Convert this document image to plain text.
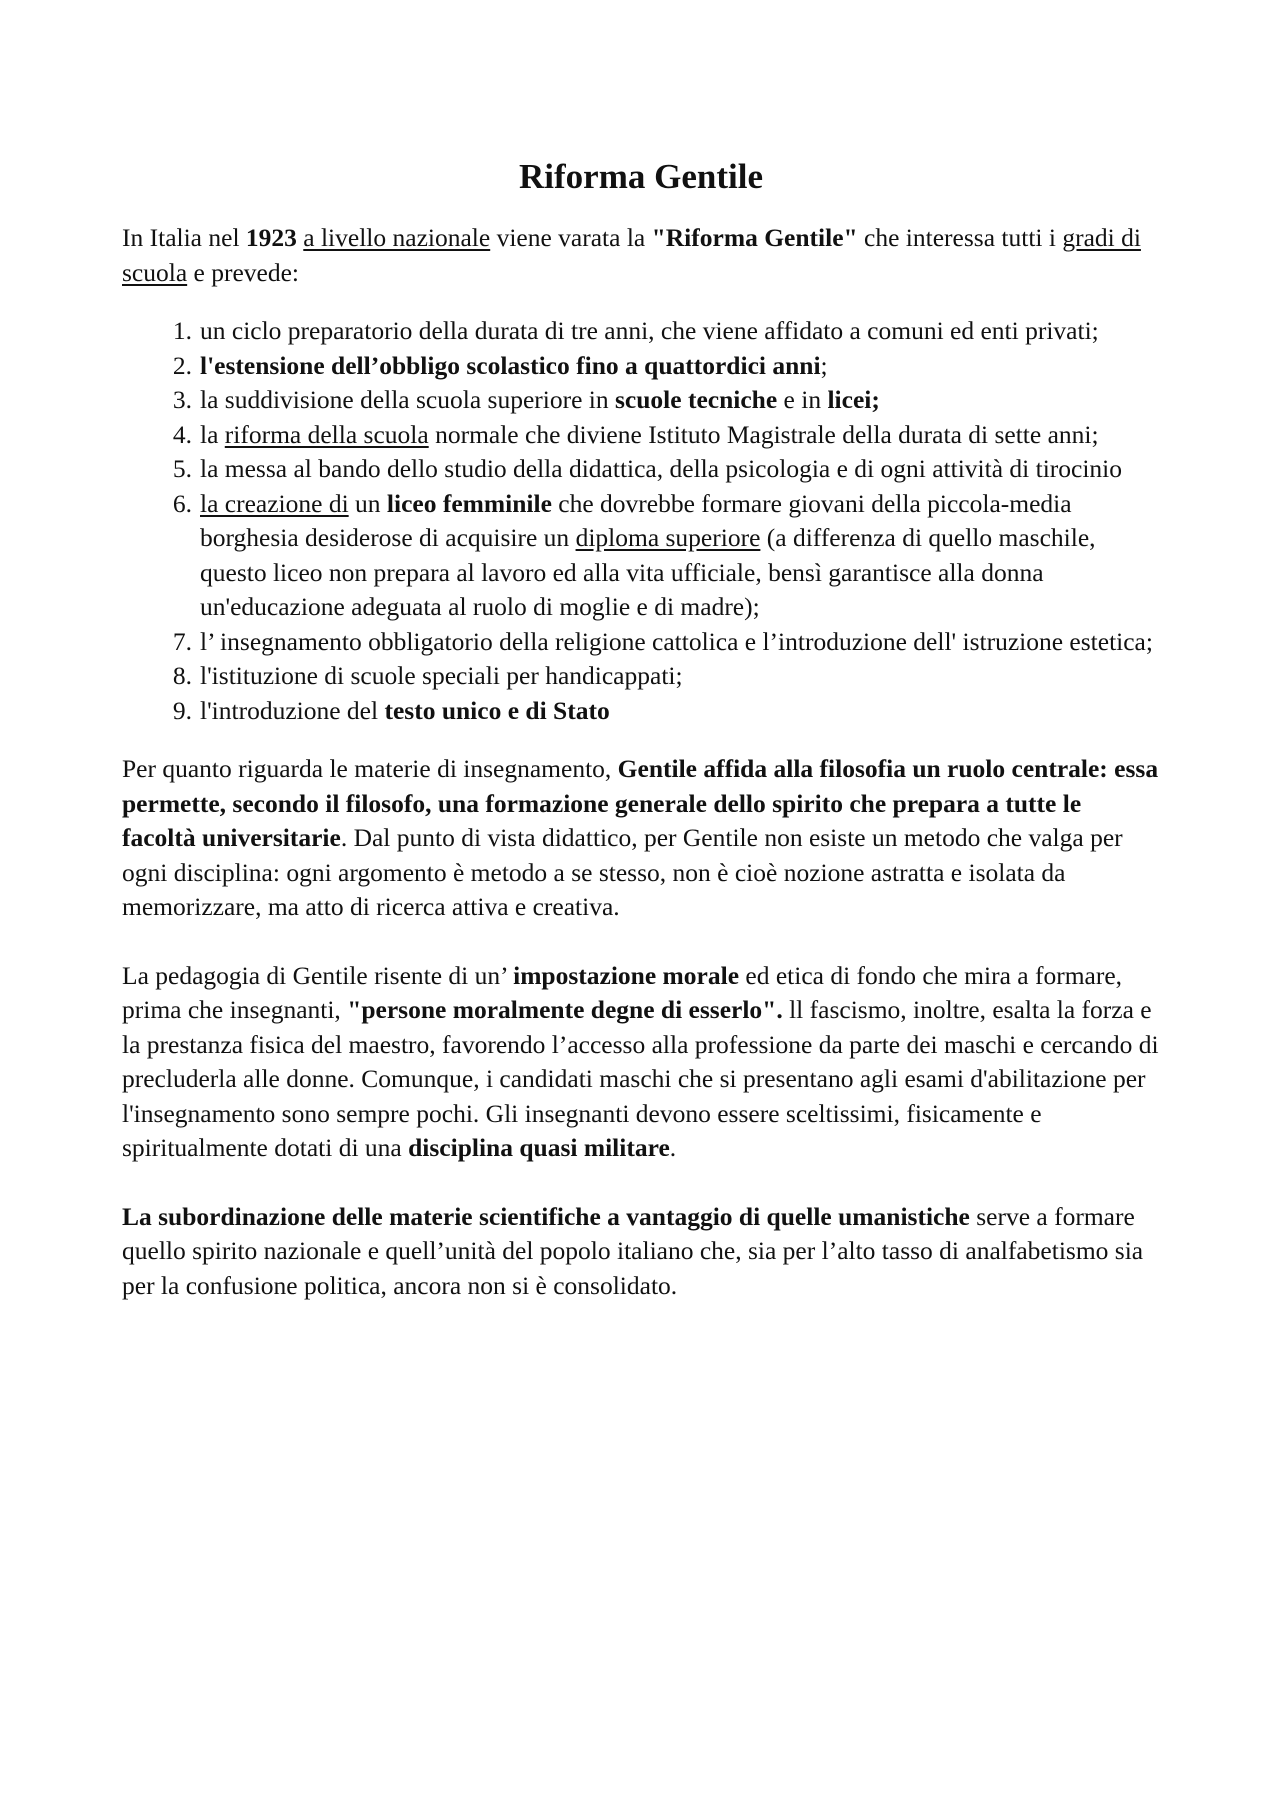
Riforma Gentile

In Italia nel 1923 a livello nazionale viene varata la "Riforma Gentile" che interessa tutti i gradi di scuola e prevede:

1. un ciclo preparatorio della durata di tre anni, che viene affidato a comuni ed enti privati;
2. l'estensione dell’obbligo scolastico fino a quattordici anni;
3. la suddivisione della scuola superiore in scuole tecniche e in licei;
4. la riforma della scuola normale che diviene Istituto Magistrale della durata di sette anni;
5. la messa al bando dello studio della didattica, della psicologia e di ogni attività di tirocinio
6. la creazione di un liceo femminile che dovrebbe formare giovani della piccola-media borghesia desiderose di acquisire un diploma superiore (a differenza di quello maschile, questo liceo non prepara al lavoro ed alla vita ufficiale, bensì garantisce alla donna un'educazione adeguata al ruolo di moglie e di madre);
7. l’ insegnamento obbligatorio della religione cattolica e l’introduzione dell' istruzione estetica;
8. l'istituzione di scuole speciali per handicappati;
9. l'introduzione del testo unico e di Stato

Per quanto riguarda le materie di insegnamento, Gentile affida alla filosofia un ruolo centrale: essa permette, secondo il filosofo, una formazione generale dello spirito che prepara a tutte le facoltà universitarie. Dal punto di vista didattico, per Gentile non esiste un metodo che valga per ogni disciplina: ogni argomento è metodo a se stesso, non è cioè nozione astratta e isolata da memorizzare, ma atto di ricerca attiva e creativa.

La pedagogia di Gentile risente di un’ impostazione morale ed etica di fondo che mira a formare, prima che insegnanti, "persone moralmente degne di esserlo". ll fascismo, inoltre, esalta la forza e la prestanza fisica del maestro, favorendo l’accesso alla professione da parte dei maschi e cercando di precluderla alle donne. Comunque, i candidati maschi che si presentano agli esami d'abilitazione per l'insegnamento sono sempre pochi. Gli insegnanti devono essere sceltissimi, fisicamente e spiritualmente dotati di una disciplina quasi militare.

La subordinazione delle materie scientifiche a vantaggio di quelle umanistiche serve a formare quello spirito nazionale e quell’unità del popolo italiano che, sia per l’alto tasso di analfabetismo sia per la confusione politica, ancora non si è consolidato.
